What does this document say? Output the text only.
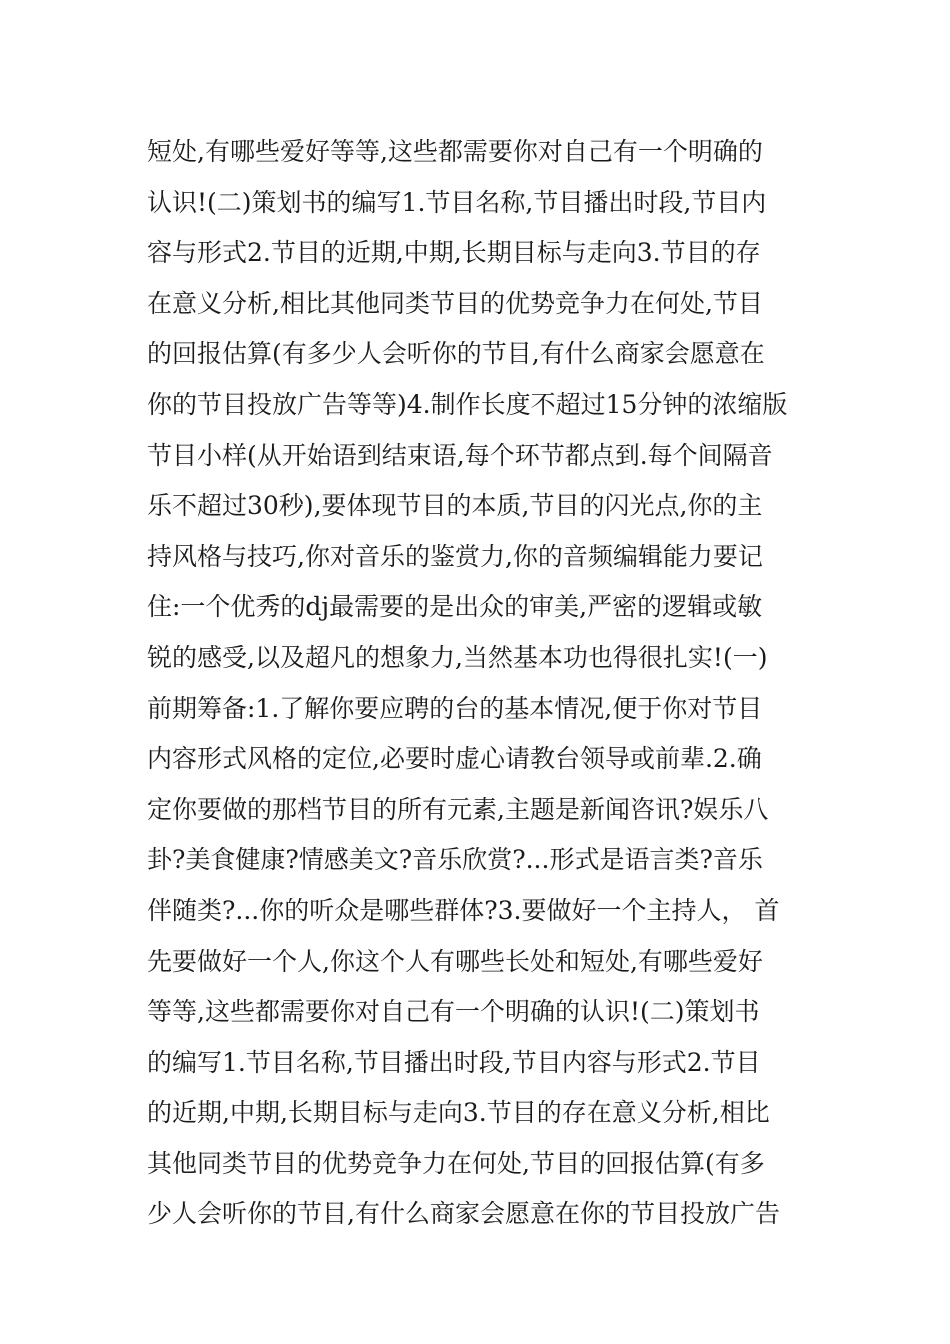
短处,有哪些爱好等等,这些都需要你对自己有一个明确的
认识!(二)策划书的编写1.节目名称,节目播出时段,节目内
容与形式2.节目的近期,中期,长期目标与走向3.节目的存
在意义分析,相比其他同类节目的优势竞争力在何处,节目
的回报估算(有多少人会听你的节目,有什么商家会愿意在
你的节目投放广告等等)4.制作长度不超过15分钟的浓缩版
节目小样(从开始语到结束语,每个环节都点到.每个间隔音
乐不超过30秒),要体现节目的本质,节目的闪光点,你的主
持风格与技巧,你对音乐的鉴赏力,你的音频编辑能力要记
住:一个优秀的dj最需要的是出众的审美,严密的逻辑或敏
锐的感受,以及超凡的想象力,当然基本功也得很扎实!(一)
前期筹备:1.了解你要应聘的台的基本情况,便于你对节目
内容形式风格的定位,必要时虚心请教台领导或前辈.2.确
定你要做的那档节目的所有元素,主题是新闻咨讯?娱乐八
卦?美食健康?情感美文?音乐欣赏?...形式是语言类?音乐
伴随类?...你的听众是哪些群体?3.要做好一个主持人， 首
先要做好一个人,你这个人有哪些长处和短处,有哪些爱好
等等,这些都需要你对自己有一个明确的认识!(二)策划书
的编写1.节目名称,节目播出时段,节目内容与形式2.节目
的近期,中期,长期目标与走向3.节目的存在意义分析,相比
其他同类节目的优势竞争力在何处,节目的回报估算(有多
少人会听你的节目,有什么商家会愿意在你的节目投放广告
